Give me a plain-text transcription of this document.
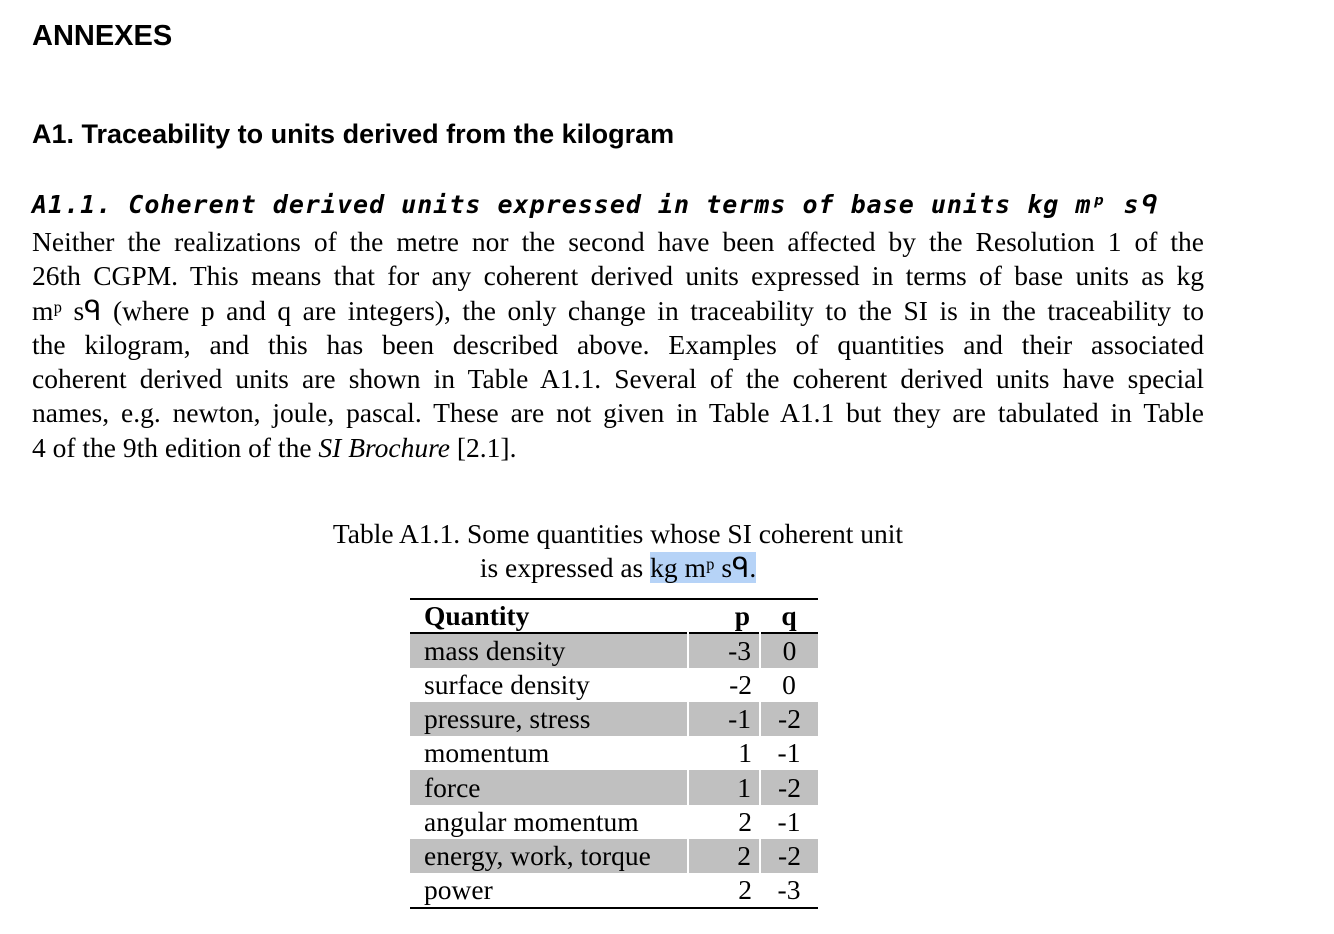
ANNEXES
A1. Traceability to units derived from the kilogram
A1.1. Coherent derived units expressed in terms of base units kg mᵖ sᑫ
Neither the realizations of the metre nor the second have been affected by the Resolution 1 of the
26th CGPM. This means that for any coherent derived units expressed in terms of base units as kg
mᵖ sᑫ (where p and q are integers), the only change in traceability to the SI is in the traceability to
the kilogram, and this has been described above. Examples of quantities and their associated
coherent derived units are shown in Table A1.1. Several of the coherent derived units have special
names, e.g. newton, joule, pascal. These are not given in Table A1.1 but they are tabulated in Table
4 of the 9th edition of the SI Brochure [2.1].
Table A1.1. Some quantities whose SI coherent unit
is expressed as kg mᵖ sᑫ.
Quantity	p	q
mass density	-3	0
surface density	-2	0
pressure, stress	-1	-2
momentum	1	-1
force	1	-2
angular momentum	2	-1
energy, work, torque	2	-2
power	2	-3
